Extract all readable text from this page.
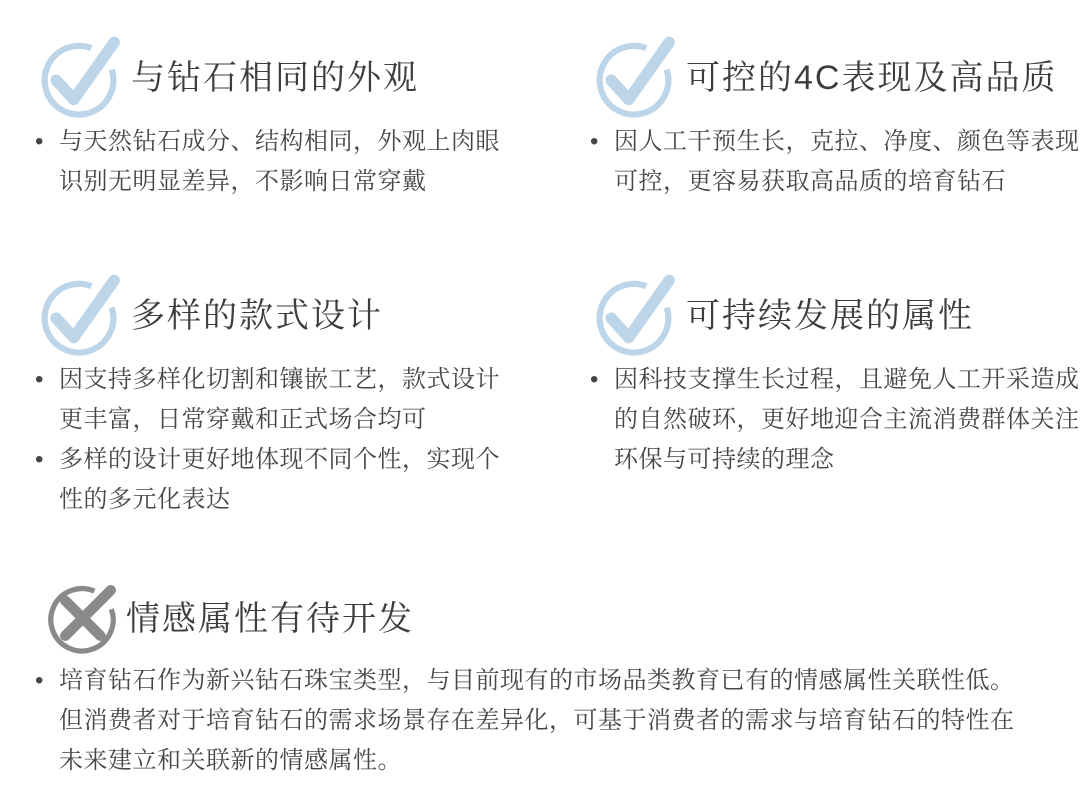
与钻石相同的外观
• 与天然钻石成分、结构相同，外观上肉眼识别无明显差异，不影响日常穿戴
可控的4C表现及高品质
• 因人工干预生长，克拉、净度、颜色等表现可控，更容易获取高品质的培育钻石
多样的款式设计
• 因支持多样化切割和镶嵌工艺，款式设计更丰富，日常穿戴和正式场合均可
• 多样的设计更好地体现不同个性，实现个性的多元化表达
可持续发展的属性
• 因科技支撑生长过程，且避免人工开采造成的自然破环，更好地迎合主流消费群体关注环保与可持续的理念
情感属性有待开发
• 培育钻石作为新兴钻石珠宝类型，与目前现有的市场品类教育已有的情感属性关联性低。但消费者对于培育钻石的需求场景存在差异化，可基于消费者的需求与培育钻石的特性在未来建立和关联新的情感属性。
